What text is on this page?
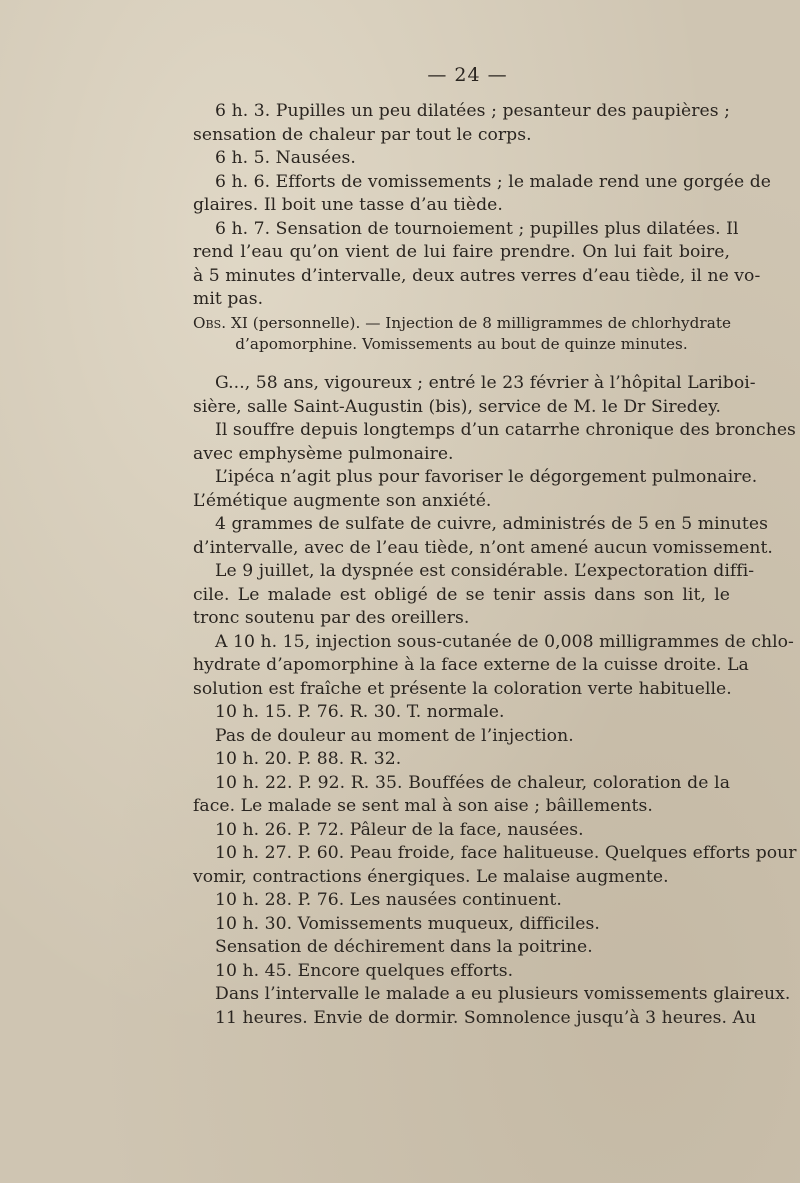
— 24 —
6 h. 3. Pupilles un peu dilatées ; pesanteur des paupières ;
sensation de chaleur par tout le corps.
6 h. 5. Nausées.
6 h. 6. Efforts de vomissements ; le malade rend une gorgée de
glaires. Il boit une tasse d’au tiède.
6 h. 7. Sensation de tournoiement ; pupilles plus dilatées. Il
rend l’eau qu’on vient de lui faire prendre. On lui fait boire,
à 5 minutes d’intervalle, deux autres verres d’eau tiède, il ne vo-
mit pas.
Obs. XI (personnelle). — Injection de 8 milligrammes de chlorhydrate
d’apomorphine. Vomissements au bout de quinze minutes.
G..., 58 ans, vigoureux ; entré le 23 février à l’hôpital Lariboi-
sière, salle Saint-Augustin (bis), service de M. le Dr Siredey.
Il souffre depuis longtemps d’un catarrhe chronique des bronches
avec emphysème pulmonaire.
L’ipéca n’agit plus pour favoriser le dégorgement pulmonaire.
L’émétique augmente son anxiété.
4 grammes de sulfate de cuivre, administrés de 5 en 5 minutes
d’intervalle, avec de l’eau tiède, n’ont amené aucun vomissement.
Le 9 juillet, la dyspnée est considérable. L’expectoration diffi-
cile. Le malade est obligé de se tenir assis dans son lit, le
tronc soutenu par des oreillers.
A 10 h. 15, injection sous-cutanée de 0,008 milligrammes de chlo-
hydrate d’apomorphine à la face externe de la cuisse droite. La
solution est fraîche et présente la coloration verte habituelle.
10 h. 15. P. 76. R. 30. T. normale.
Pas de douleur au moment de l’injection.
10 h. 20. P. 88. R. 32.
10 h. 22. P. 92. R. 35. Bouffées de chaleur, coloration de la
face. Le malade se sent mal à son aise ; bâillements.
10 h. 26. P. 72. Pâleur de la face, nausées.
10 h. 27. P. 60. Peau froide, face halitueuse. Quelques efforts pour
vomir, contractions énergiques. Le malaise augmente.
10 h. 28. P. 76. Les nausées continuent.
10 h. 30. Vomissements muqueux, difficiles.
Sensation de déchirement dans la poitrine.
10 h. 45. Encore quelques efforts.
Dans l’intervalle le malade a eu plusieurs vomissements glaireux.
11 heures. Envie de dormir. Somnolence jusqu’à 3 heures. Au
